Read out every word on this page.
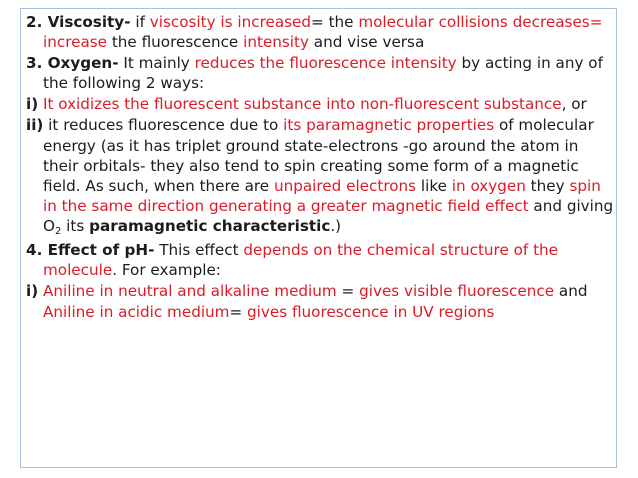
2. Viscosity- if viscosity is increased= the molecular collisions decreases= increase the fluorescence intensity and vise versa

3. Oxygen- It mainly reduces the fluorescence intensity by acting in any of the following 2 ways:

i) It oxidizes the fluorescent substance into non-fluorescent substance, or

ii) it reduces fluorescence due to its paramagnetic properties of molecular energy (as it has triplet ground state-electrons -go around the atom in their orbitals- they also tend to spin creating some form of a magnetic field. As such, when there are unpaired electrons like in oxygen they spin in the same direction generating a greater magnetic field effect and giving
O2 its paramagnetic characteristic.)

4. Effect of pH- This effect depends on the chemical structure of the molecule. For example:

i) Aniline in neutral and alkaline medium = gives visible fluorescence and

Aniline in acidic medium= gives fluorescence in UV regions
